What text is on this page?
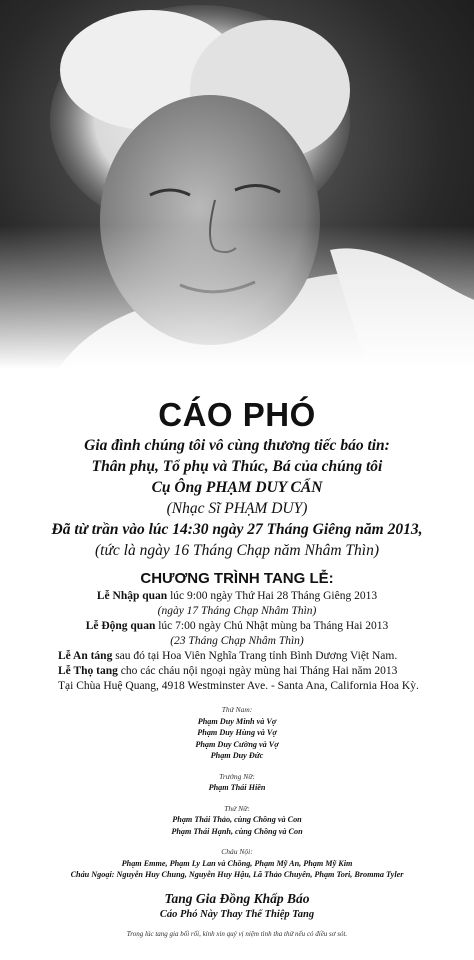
CÁO PHÓ
Gia đình chúng tôi vô cùng thương tiếc báo tin:
Thân phụ, Tổ phụ và Thúc, Bá của chúng tôi
Cụ Ông PHẠM DUY CẨN
(Nhạc Sĩ PHẠM DUY)
Đã từ trần vào lúc 14:30 ngày 27 Tháng Giêng năm 2013,
(tức là ngày 16 Tháng Chạp năm Nhâm Thìn)
CHƯƠNG TRÌNH TANG LỄ:
Lễ Nhập quan lúc 9:00 ngày Thứ Hai 28 Tháng Giêng 2013
(ngày 17 Tháng Chạp Nhâm Thìn)
Lễ Động quan lúc 7:00 ngày Chủ Nhật mùng ba Tháng Hai 2013
(23 Tháng Chạp Nhâm Thìn)
Lễ An táng sau đó tại Hoa Viên Nghĩa Trang tỉnh Bình Dương Việt Nam.
Lễ Thọ tang cho các cháu nội ngoại ngày mùng hai Tháng Hai năm 2013
Tại Chùa Huệ Quang, 4918 Westminster Ave. - Santa Ana, California Hoa Kỳ.
Thứ Nam:
Phạm Duy Minh và Vợ
Phạm Duy Hùng và Vợ
Phạm Duy Cường và Vợ
Phạm Duy Đức
Trưởng Nữ:
Phạm Thái Hiền
Thứ Nữ:
Phạm Thái Thảo, cùng Chồng và Con
Phạm Thái Hạnh, cùng Chồng và Con
Cháu Nội:
Phạm Emme, Phạm Ly Lan và Chồng, Phạm Mỹ An, Phạm Mỹ Kim
Cháu Ngoại: Nguyễn Huy Chung, Nguyễn Huy Hậu, Lã Thảo Chuyên, Phạm Tori, Bromma Tyler
Tang Gia Đồng Khấp Báo
Cáo Phó Này Thay Thế Thiệp Tang
Trong lúc tang gia bối rối, kính xin quý vị niệm tình tha thứ nếu có điều sơ sót.
